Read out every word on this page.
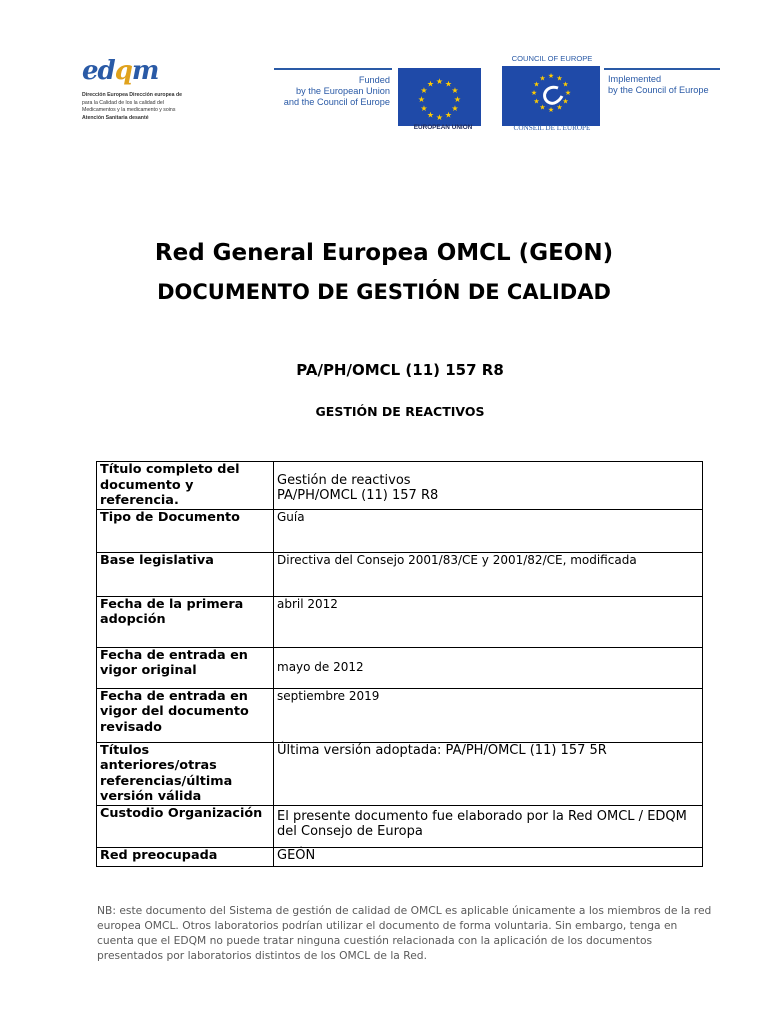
edqm
Dirección Europea Dirección europea de
para la Calidad de los la calidad del
Medicamentos y la medicamento y soins
Atención Sanitaria desanté
Funded
by the European Union
and the Council of Europe
★ ★
★
★
★
★
★
★
★
★
★
★
EUROPEAN UNION
COUNCIL OF EUROPE
★ ★
★
★
★
★
★
★
★
★
★
★
CONSEIL DE L'EUROPE
Implemented
by the Council of Europe
Red General Europea OMCL (GEON)
DOCUMENTO DE GESTIÓN DE CALIDAD
PA/PH/OMCL (11) 157 R8
GESTIÓN DE REACTIVOS
Título completo del documento y referencia.	Gestión de reactivos
PA/PH/OMCL (11) 157 R8

Tipo de Documento	Guía
Base legislativa	Directiva del Consejo 2001/83/CE y 2001/82/CE, modificada
Fecha de la primera adopción	abril 2012
Fecha de entrada en vigor original	mayo de 2012
Fecha de entrada en vigor del documento revisado	septiembre 2019
Títulos anteriores/otras referencias/última versión válida	Última versión adoptada: PA/PH/OMCL (11) 157 5R
Custodio Organización	El presente documento fue elaborado por la Red OMCL / EDQM del Consejo de Europa
Red preocupada	GEÓN
NB: este documento del Sistema de gestión de calidad de OMCL es aplicable únicamente a los miembros de la red europea OMCL. Otros laboratorios podrían utilizar el documento de forma voluntaria. Sin embargo, tenga en cuenta que el EDQM no puede tratar ninguna cuestión relacionada con la aplicación de los documentos presentados por laboratorios distintos de los OMCL de la Red.
